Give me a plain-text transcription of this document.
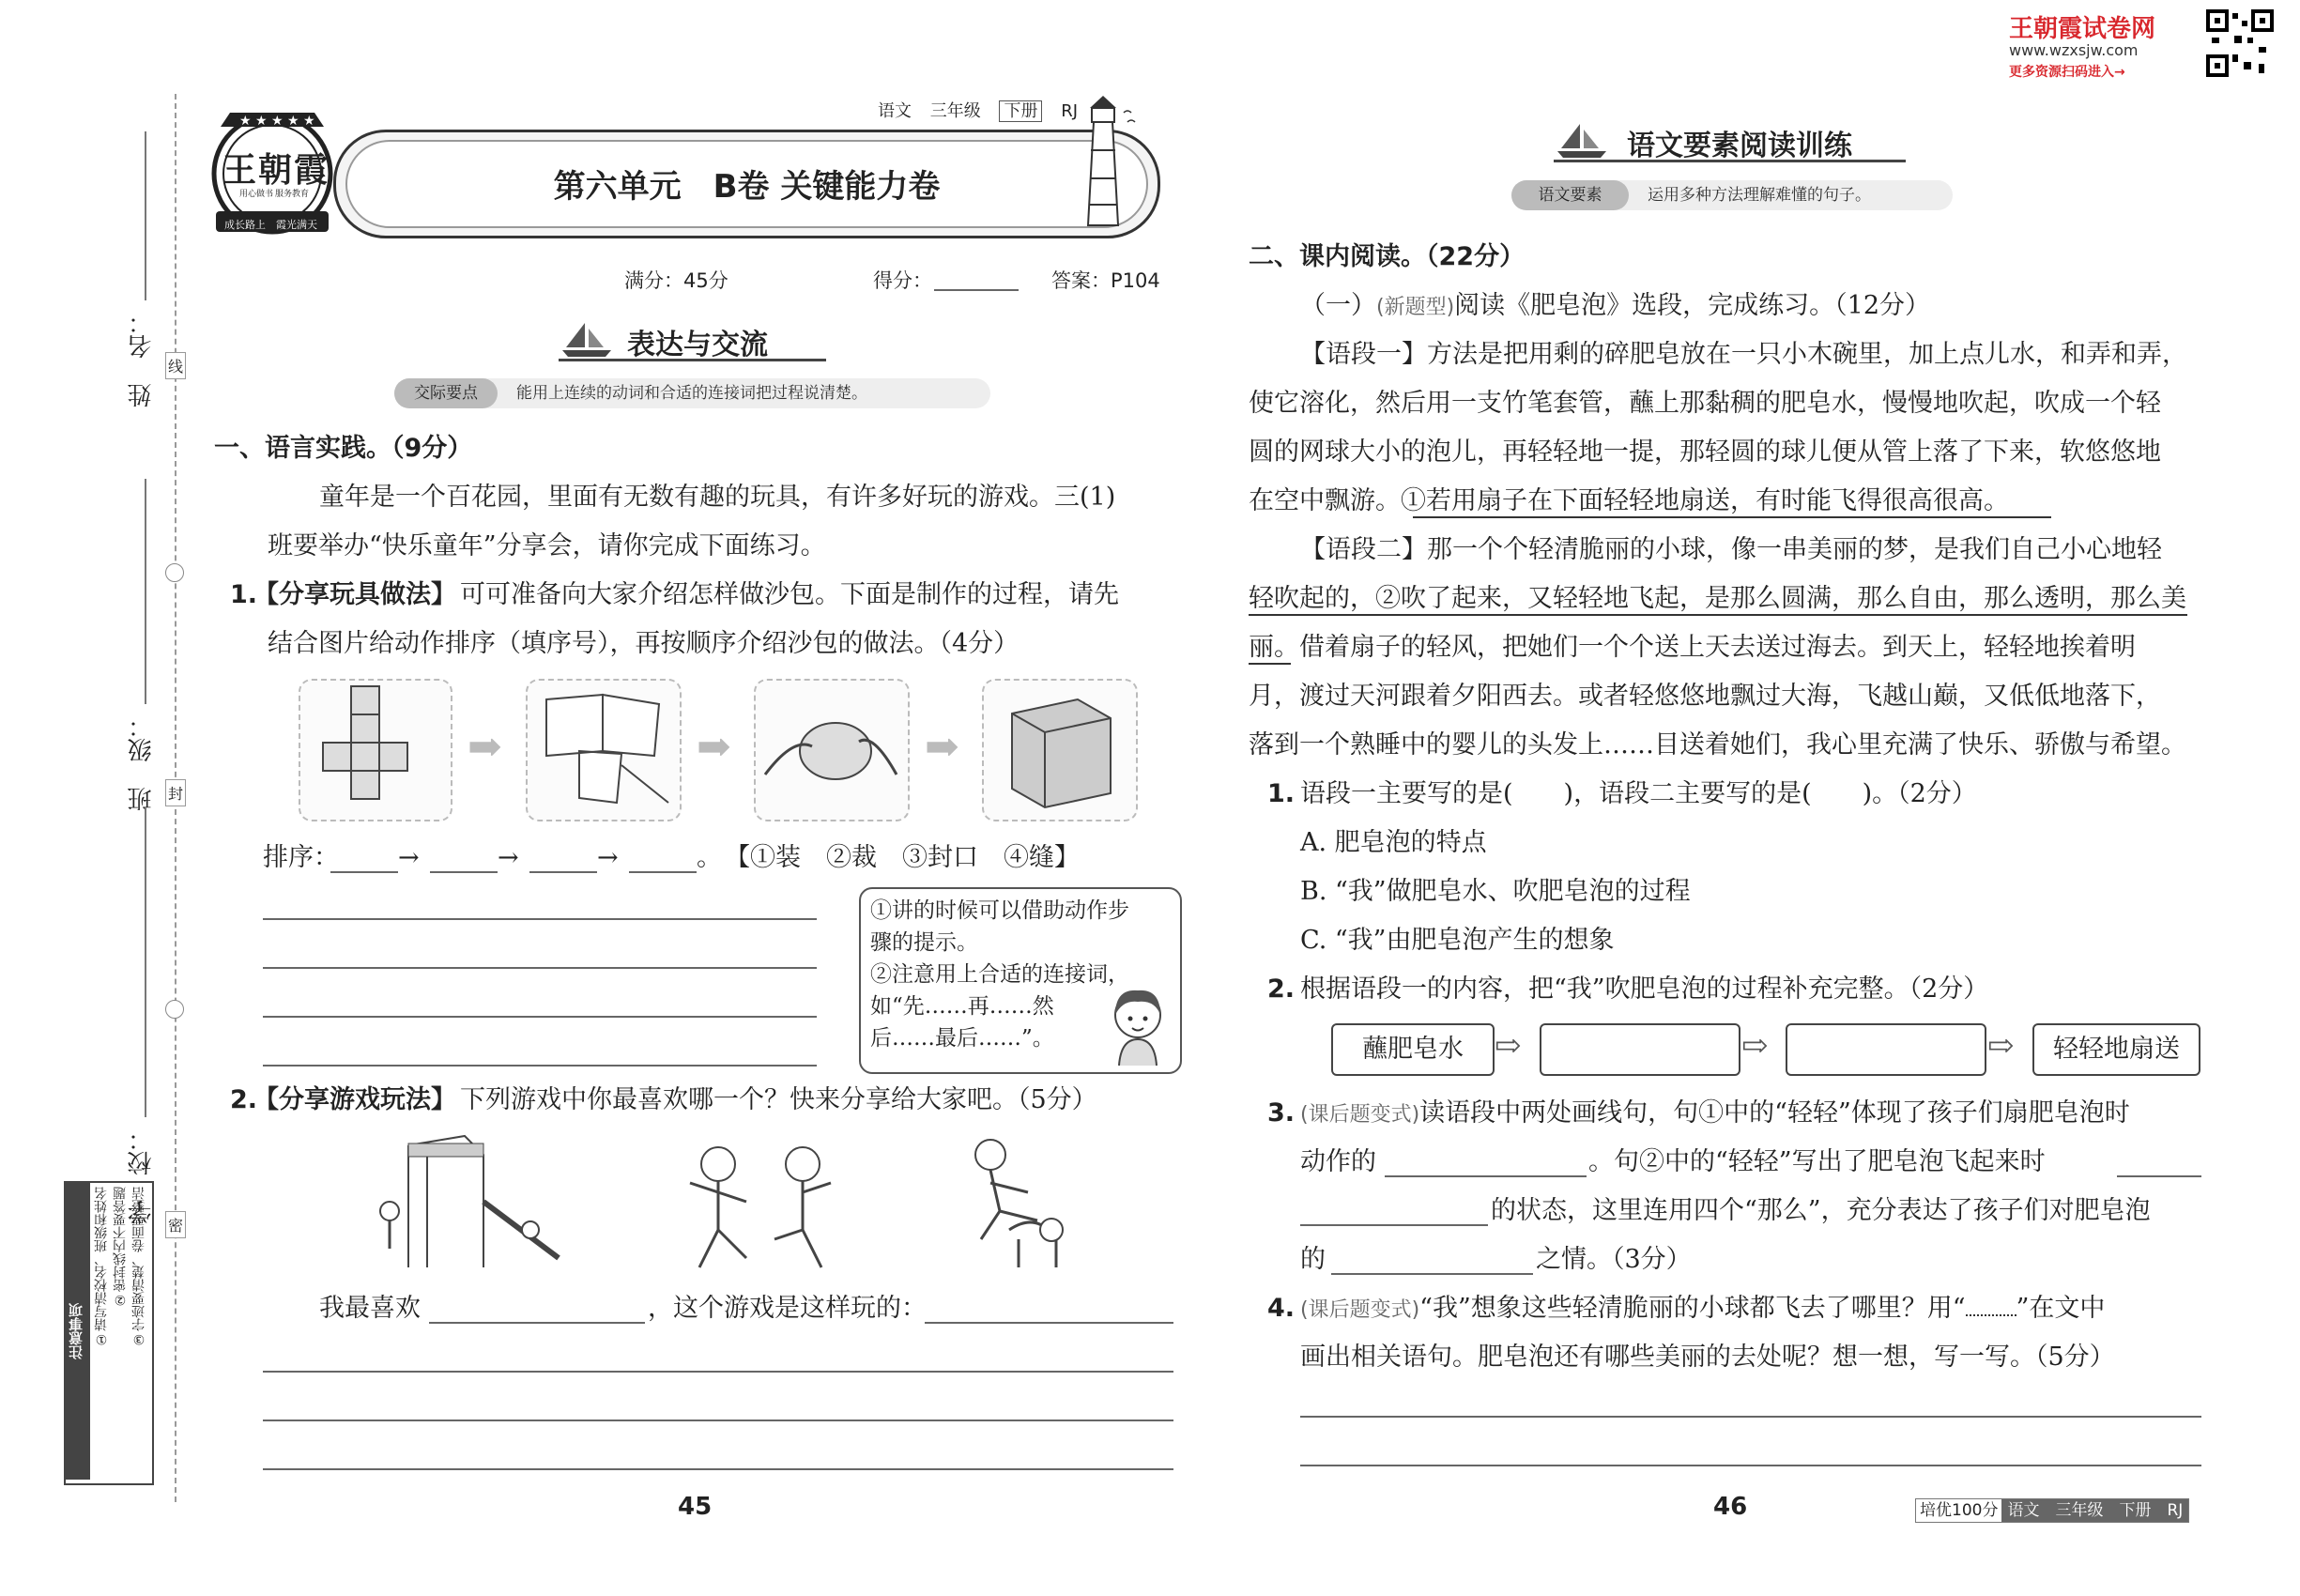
姓　名：
班　级：
学　校：
线
封
密
注意事项 ①请写清校名、班级和姓名 ②密封线内不要答题 ③字迹要清楚、卷面要整洁
★ ★ ★ ★ ★
王朝霞
用心做书 服务教育
成长路上　霞光满天
语文 三年级 下册 RJ
第六单元　B卷 关键能力卷
满分：45分	得分：	答案：P104
表达与交流
交际要点	能用上连续的动词和合适的连接词把过程说清楚。
一、语言实践。（9分）
童年是一个百花园，里面有无数有趣的玩具，有许多好玩的游戏。三(1)
班要举办“快乐童年”分享会，请你完成下面练习。
1.
【分享玩具做法】 可可准备向大家介绍怎样做沙包。下面是制作的过程，请先
结合图片给动作排序（填序号），再按顺序介绍沙包的做法。（4分）
➡	➡	➡
排序： →	→	→	。 【①装　②裁　③封口　④缝】
①讲的时候可以借助动作步
骤的提示。
②注意用上合适的连接词，
如“先……再……然
后……最后……”。
2.
【分享游戏玩法】 下列游戏中你最喜欢哪一个？快来分享给大家吧。（5分）
我最喜欢	，这个游戏是这样玩的：
45
王朝霞试卷网
www.wzxsjw.com
更多资源扫码进入→
语文要素阅读训练
语文要素	运用多种方法理解难懂的句子。
二、课内阅读。（22分）
（一）(新题型)阅读《肥皂泡》选段，完成练习。（12分）
【语段一】方法是把用剩的碎肥皂放在一只小木碗里，加上点儿水，和弄和弄，
使它溶化，然后用一支竹笔套管，蘸上那黏稠的肥皂水，慢慢地吹起，吹成一个轻
圆的网球大小的泡儿，再轻轻地一提，那轻圆的球儿便从管上落了下来，软悠悠地
在空中飘游。①若用扇子在下面轻轻地扇送，有时能飞得很高很高。
【语段二】那一个个轻清脆丽的小球，像一串美丽的梦，是我们自己小心地轻
轻吹起的，②吹了起来，又轻轻地飞起，是那么圆满，那么自由，那么透明，那么美
丽。借着扇子的轻风，把她们一个个送上天去送过海去。到天上，轻轻地挨着明
月，渡过天河跟着夕阳西去。或者轻悠悠地飘过大海，飞越山巅，又低低地落下，
落到一个熟睡中的婴儿的头发上……目送着她们，我心里充满了快乐、骄傲与希望。
1. 语段一主要写的是(　　)，语段二主要写的是(　　)。（2分）
A. 肥皂泡的特点
B. “我”做肥皂水、吹肥皂泡的过程
C. “我”由肥皂泡产生的想象
2. 根据语段一的内容，把“我”吹肥皂泡的过程补充完整。（2分）
蘸肥皂水 ⇨	⇨	⇨	轻轻地扇送
3. (课后题变式)读语段中两处画线句，句①中的“轻轻”体现了孩子们扇肥皂泡时
动作的	。句②中的“轻轻”写出了肥皂泡飞起来时
的状态，这里连用四个“那么”，充分表达了孩子们对肥皂泡
的	之情。（3分）
4. (课后题变式)“我”想象这些轻清脆丽的小球都飞去了哪里？用“ ”在文中
画出相关语句。肥皂泡还有哪些美丽的去处呢？想一想，写一写。（5分）
46	培优100分 语文　三年级　下册　RJ
